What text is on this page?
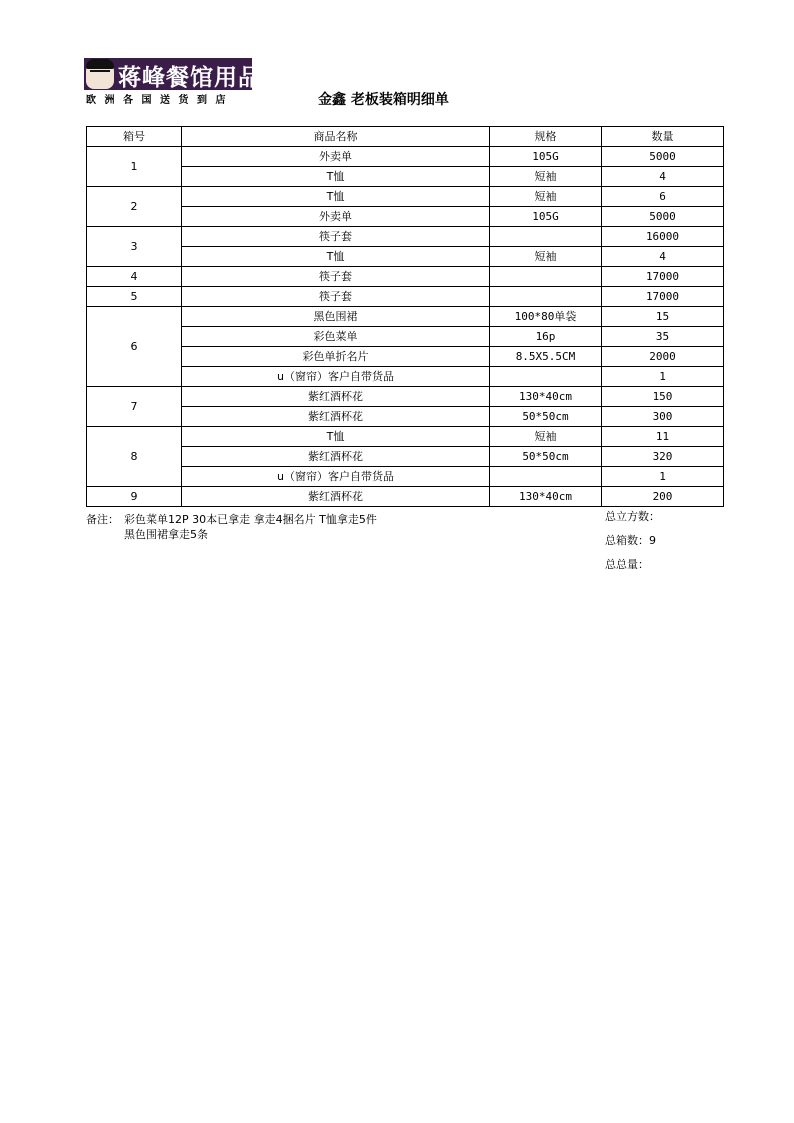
蒋峰餐馆用品
欧洲各国送货到店	金鑫 老板装箱明细单
箱号	商品名称	规格	数量
1	外卖单	105G	5000
	T恤	短袖	4
2	T恤	短袖	6
	外卖单	105G	5000
3	筷子套		16000
	T恤	短袖	4
4	筷子套		17000
5	筷子套		17000
6	黑色围裙	100*80单袋	15
	彩色菜单	16p	35
	彩色单折名片	8.5X5.5CM	2000
	u（窗帘）客户自带货品		1
7	紫红酒杯花	130*40cm	150
	紫红酒杯花	50*50cm	300
8	T恤	短袖	11
	紫红酒杯花	50*50cm	320
	u（窗帘）客户自带货品		1
9	紫红酒杯花	130*40cm	200
备注： 彩色菜单12P 30本已拿走 拿走4捆名片 T恤拿走5件
黑色围裙拿走5条
总立方数：
总箱数：9
总总量：
